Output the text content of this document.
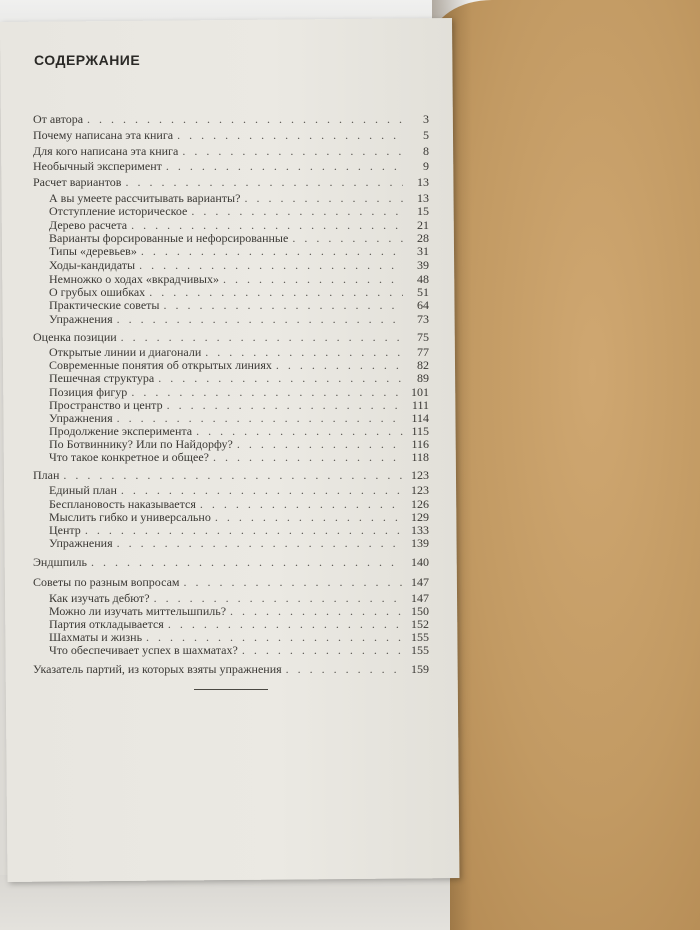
СОДЕРЖАНИЕ
От автора . . .	3
Почему написана эта книга . . .	5
Для кого написана эта книга . . .	8
Необычный эксперимент . . .	9
Расчет вариантов . . .	13
А вы умеете рассчитывать варианты? . . .	13
Отступление историческое . . .	15
Дерево расчета . . .	21
Варианты форсированные и нефорсированные . . .	28
Типы «деревьев» . . .	31
Ходы-кандидаты . . .	39
Немножко о ходах «вкрадчивых» . . .	48
О грубых ошибках . . .	51
Практические советы . . .	64
Упражнения . . .	73
Оценка позиции . . .	75
Открытые линии и диагонали . . .	77
Современные понятия об открытых линиях . . .	82
Пешечная структура . . .	89
Позиция фигур . . .	101
Пространство и центр . . .	111
Упражнения . . .	114
Продолжение эксперимента . . .	115
По Ботвиннику? Или по Найдорфу? . . .	116
Что такое конкретное и общее? . . .	118
План . . .	123
Единый план . . .	123
Бесплановость наказывается . . .	126
Мыслить гибко и универсально . . .	129
Центр . . .	133
Упражнения . . .	139
Эндшпиль . . .	140
Советы по разным вопросам . . .	147
Как изучать дебют? . . .	147
Можно ли изучать миттельшпиль? . . .	150
Партия откладывается . . .	152
Шахматы и жизнь . . .	155
Что обеспечивает успех в шахматах? . . .	155
Указатель партий, из которых взяты упражнения . . .	159
